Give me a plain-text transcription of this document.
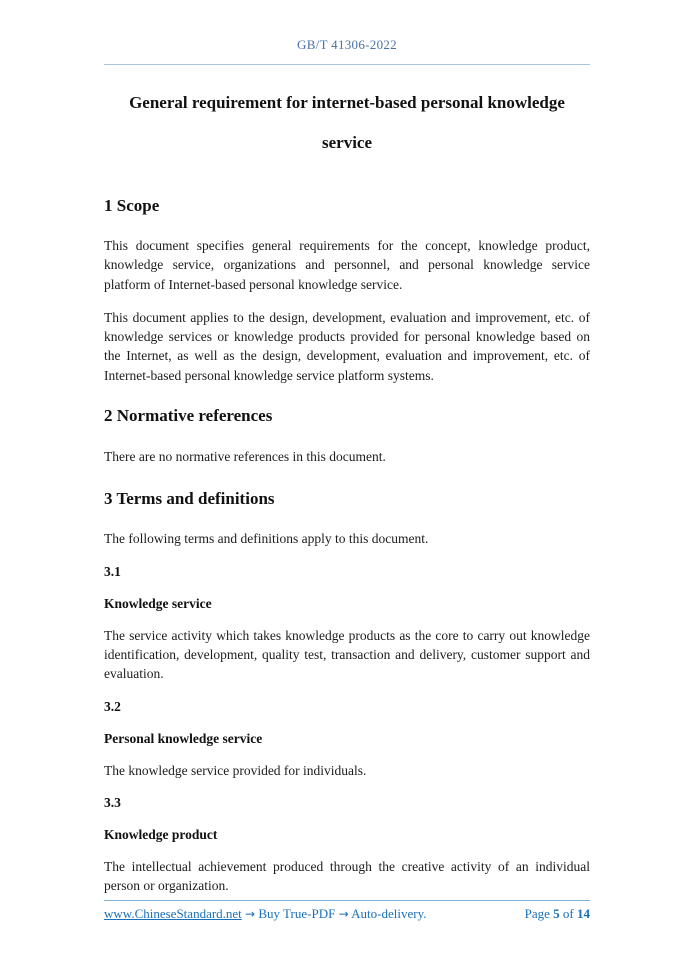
GB/T 41306-2022
General requirement for internet-based personal knowledge
service
1 Scope

This document specifies general requirements for the concept, knowledge product, knowledge service, organizations and personnel, and personal knowledge service platform of Internet-based personal knowledge service.

This document applies to the design, development, evaluation and improvement, etc. of knowledge services or knowledge products provided for personal knowledge based on the Internet, as well as the design, development, evaluation and improvement, etc. of Internet-based personal knowledge service platform systems.

2 Normative references

There are no normative references in this document.

3 Terms and definitions

The following terms and definitions apply to this document.

3.1
Knowledge service

The service activity which takes knowledge products as the core to carry out knowledge identification, development, quality test, transaction and delivery, customer support and evaluation.

3.2
Personal knowledge service

The knowledge service provided for individuals.

3.3
Knowledge product

The intellectual achievement produced through the creative activity of an individual person or organization.

www.ChineseStandard.net → Buy True-PDF → Auto-delivery.	Page 5 of 14
